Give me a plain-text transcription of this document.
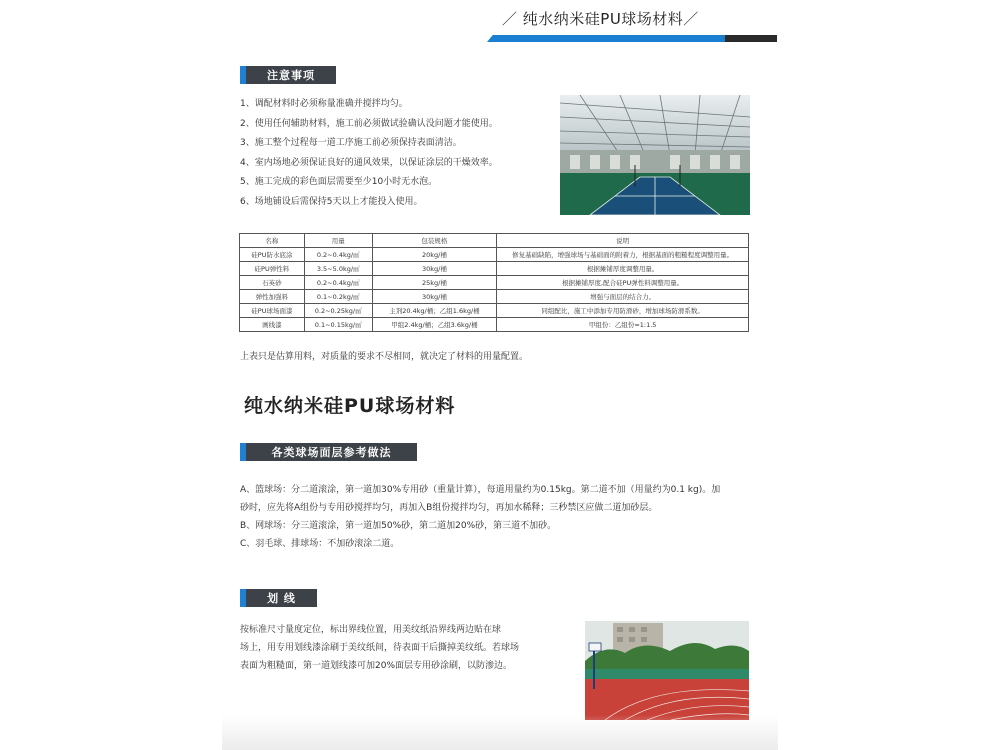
／ 纯水纳米硅PU球场材料／
注意事项
1、调配材料时必须称量准确并搅拌均匀。
2、使用任何辅助材料，施工前必须做试验确认没问题才能使用。
3、施工整个过程每一道工序施工前必须保持表面清洁。
4、室内场地必须保证良好的通风效果，以保证涂层的干燥效率。
5、施工完成的彩色面层需要至少10小时无水泡。
6、场地铺设后需保持5天以上才能投入使用。
名称	用量	包装规格	说明
硅PU防水底涂	0.2~0.4kg/㎡	20kg/桶	修复基础缺陷，增强球场与基础面的附着力，根据基面的粗糙程度调整用量。
硅PU弹性料	3.5~5.0kg/㎡	30kg/桶	根据摊铺厚度调整用量。
石英砂	0.2~0.4kg/㎡	25kg/桶	根据摊铺厚度,配合硅PU弹性料调整用量。
弹性加强料	0.1~0.2kg/㎡	30kg/桶	增强与面层的结合力。
硅PU球场面漆	0.2~0.25kg/㎡	主剂20.4kg/桶；乙组1.6kg/桶	同组配比，施工中添加专用防滑砂，增加球场防滑系数。
画线漆	0.1~0.15kg/㎡	甲组2.4kg/桶；乙组3.6kg/桶	甲组份：乙组份=1:1.5
上表只是估算用料，对质量的要求不尽相同，就决定了材料的用量配置。
纯水纳米硅PU球场材料
各类球场面层参考做法
A、篮球场：分二道滚涂，第一道加30%专用砂（重量计算），每道用量约为0.15kg。第二道不加（用量约为0.1 kg)。加
砂时，应先将A组份与专用砂搅拌均匀，再加入B组份搅拌均匀，再加水稀释；三秒禁区应做二道加砂层。
B、网球场：分三道滚涂，第一道加50%砂，第二道加20%砂，第三道不加砂。
C、羽毛球、排球场：不加砂滚涂二道。
划 线
按标准尺寸量度定位，标出界线位置，用美纹纸沿界线两边贴在球
场上，用专用划线漆涂刷于美纹纸间，待表面干后撕掉美纹纸。若球场
表面为粗糙面，第一道划线漆可加20%面层专用砂涂刷，以防渗边。
